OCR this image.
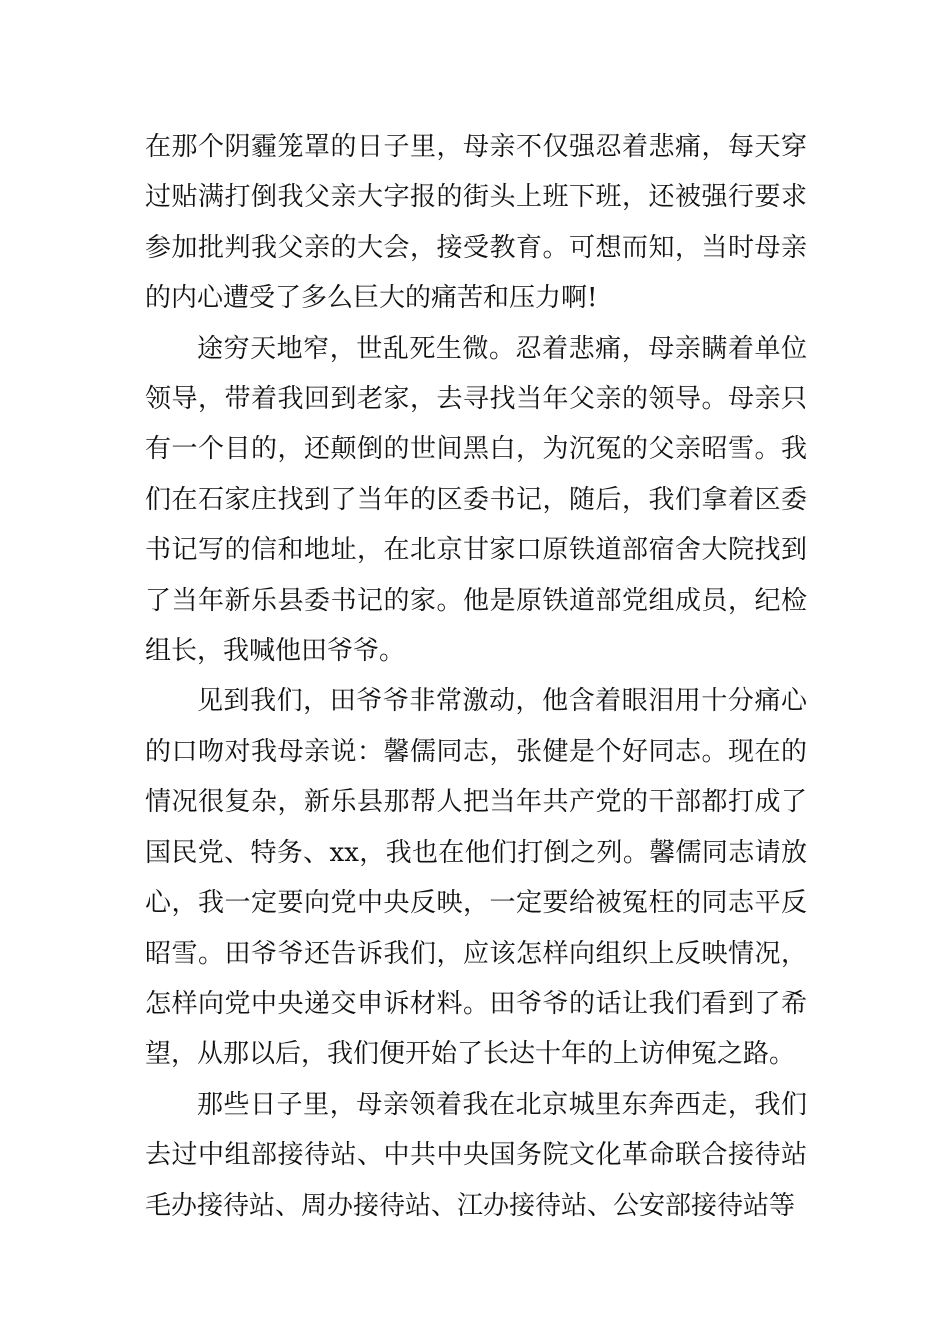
在那个阴霾笼罩的日子里，母亲不仅强忍着悲痛，每天穿过贴满打倒我父亲大字报的街头上班下班，还被强行要求参加批判我父亲的大会，接受教育。可想而知，当时母亲的内心遭受了多么巨大的痛苦和压力啊!

途穷天地窄，世乱死生微。忍着悲痛，母亲瞒着单位领导，带着我回到老家，去寻找当年父亲的领导。母亲只有一个目的，还颠倒的世间黑白，为沉冤的父亲昭雪。我们在石家庄找到了当年的区委书记，随后，我们拿着区委书记写的信和地址，在北京甘家口原铁道部宿舍大院找到了当年新乐县委书记的家。他是原铁道部党组成员，纪检组长，我喊他田爷爷。

见到我们，田爷爷非常激动，他含着眼泪用十分痛心的口吻对我母亲说：馨儒同志，张健是个好同志。现在的情况很复杂，新乐县那帮人把当年共产党的干部都打成了国民党、特务、xx，我也在他们打倒之列。馨儒同志请放心，我一定要向党中央反映，一定要给被冤枉的同志平反昭雪。田爷爷还告诉我们，应该怎样向组织上反映情况，怎样向党中央递交申诉材料。田爷爷的话让我们看到了希望，从那以后，我们便开始了长达十年的上访伸冤之路。

那些日子里，母亲领着我在北京城里东奔西走，我们去过中组部接待站、中共中央国务院文化革命联合接待站毛办接待站、周办接待站、江办接待站、公安部接待站等
